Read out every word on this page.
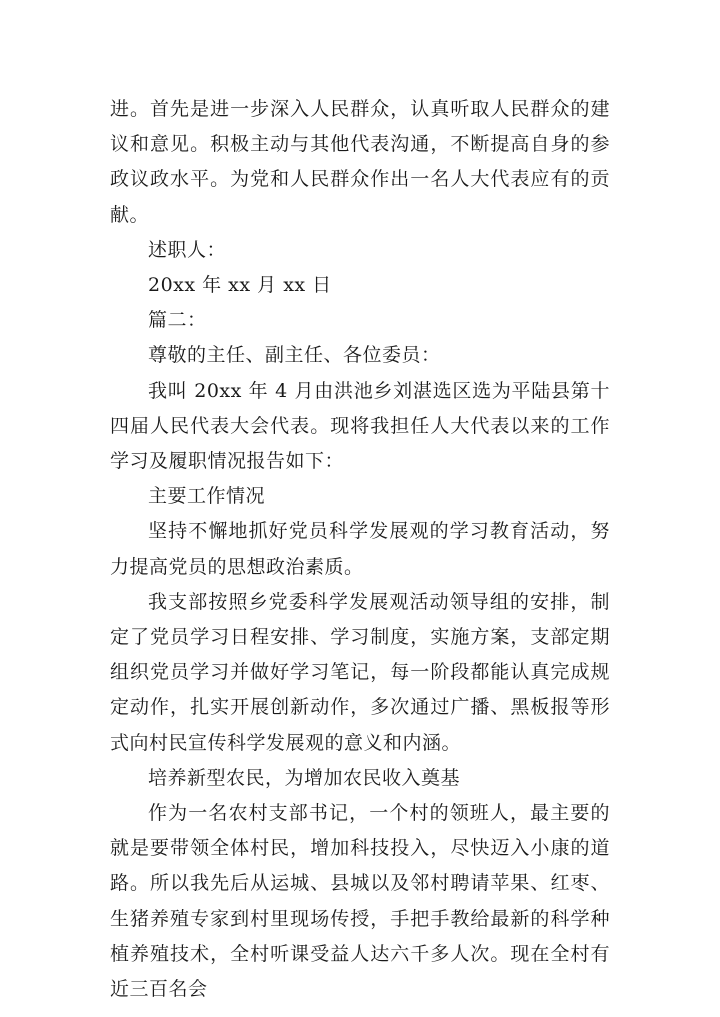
进。首先是进一步深入人民群众，认真听取人民群众的建议和意见。积极主动与其他代表沟通，不断提高自身的参政议政水平。为党和人民群众作出一名人大代表应有的贡献。

述职人：

20xx 年 xx 月 xx 日

篇二：

尊敬的主任、副主任、各位委员：

我叫 20xx 年 4 月由洪池乡刘湛选区选为平陆县第十四届人民代表大会代表。现将我担任人大代表以来的工作学习及履职情况报告如下：

主要工作情况

坚持不懈地抓好党员科学发展观的学习教育活动，努力提高党员的思想政治素质。

我支部按照乡党委科学发展观活动领导组的安排，制定了党员学习日程安排、学习制度，实施方案，支部定期组织党员学习并做好学习笔记，每一阶段都能认真完成规定动作，扎实开展创新动作，多次通过广播、黑板报等形式向村民宣传科学发展观的意义和内涵。

培养新型农民，为增加农民收入奠基

作为一名农村支部书记，一个村的领班人，最主要的就是要带领全体村民，增加科技投入，尽快迈入小康的道路。所以我先后从运城、县城以及邻村聘请苹果、红枣、生猪养殖专家到村里现场传授，手把手教给最新的科学种植养殖技术，全村听课受益人达六千多人次。现在全村有近三百名会
